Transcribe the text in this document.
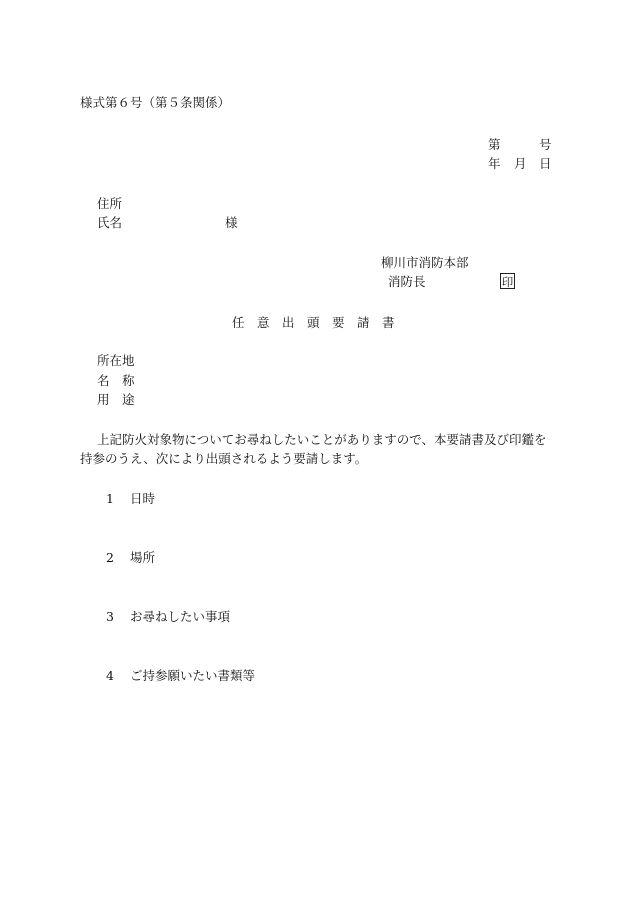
様式第６号（第５条関係）

第	号

年 月 日

住所

氏名	様

柳川市消防本部

消防長	印

任　意　出　頭　要　請　書

所在地

名　称

用　途

上記防火対象物についてお尋ねしたいことがありますので、本要請書及び印鑑を

持参のうえ、次により出頭されるよう要請します。

1 日時

2 場所

3 お尋ねしたい事項

4 ご持参願いたい書類等
